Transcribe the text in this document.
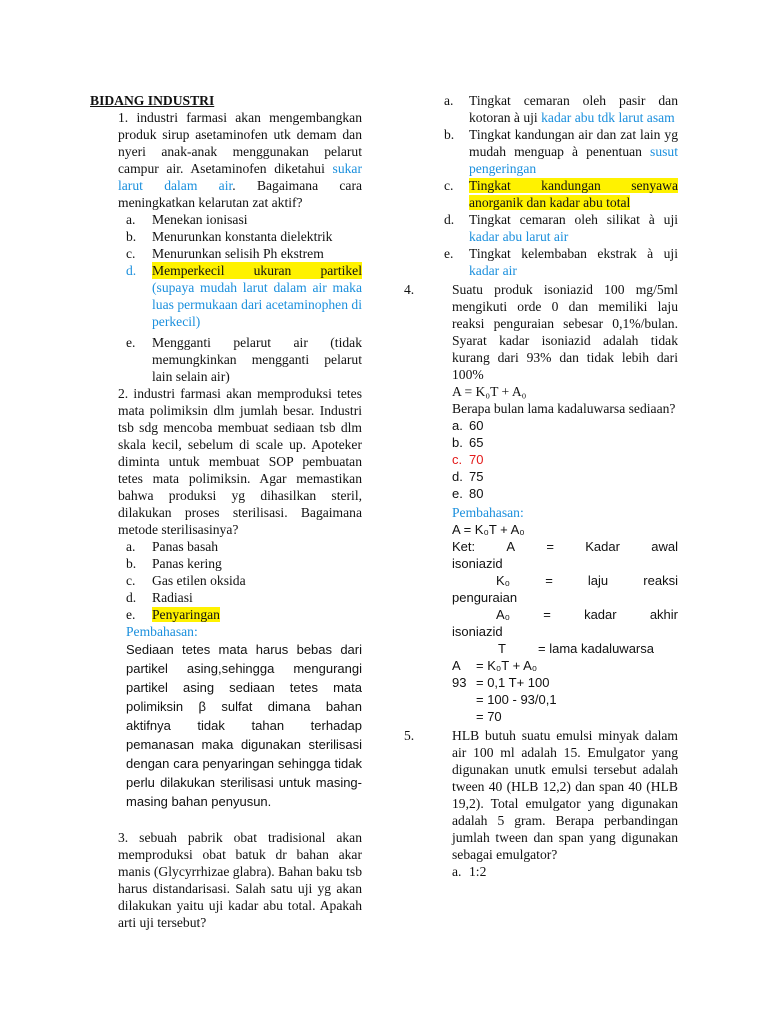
BIDANG INDUSTRI
1. industri farmasi akan mengembangkan produk sirup asetaminofen utk demam dan nyeri anak-anak menggunakan pelarut campur air. Asetaminofen diketahui sukar larut dalam air. Bagaimana cara meningkatkan kelarutan zat aktif?
a. Menekan ionisasi
b. Menurunkan konstanta dielektrik
c. Menurunkan selisih Ph ekstrem
d. Memperkecil ukuran partikel
(supaya mudah larut dalam air maka luas permukaan dari acetaminophen di perkecil)
e. Mengganti pelarut air (tidak memungkinkan mengganti pelarut lain selain air)
2. industri farmasi akan memproduksi tetes mata polimiksin dlm jumlah besar. Industri tsb sdg mencoba membuat sediaan tsb dlm skala kecil, sebelum di scale up. Apoteker diminta untuk membuat SOP pembuatan tetes mata polimiksin. Agar memastikan bahwa produksi yg dihasilkan steril, dilakukan proses sterilisasi. Bagaimana metode sterilisasinya?
a. Panas basah
b. Panas kering
c. Gas etilen oksida
d. Radiasi
e. Penyaringan
Pembahasan:
Sediaan tetes mata harus bebas dari partikel asing,sehingga mengurangi partikel asing sediaan tetes mata polimiksin β sulfat dimana bahan aktifnya tidak tahan terhadap pemanasan maka digunakan sterilisasi dengan cara penyaringan sehingga tidak perlu dilakukan sterilisasi untuk masing-masing bahan penyusun.
3. sebuah pabrik obat tradisional akan memproduksi obat batuk dr bahan akar manis (Glycyrrhizae glabra). Bahan baku tsb harus distandarisasi. Salah satu uji yg akan dilakukan yaitu uji kadar abu total. Apakah arti uji tersebut?
a. Tingkat cemaran oleh pasir dan kotoran à uji kadar abu tdk larut asam
b. Tingkat kandungan air dan zat lain yg mudah menguap à penentuan susut pengeringan
c. Tingkat kandungan senyawa anorganik dan kadar abu total
d. Tingkat cemaran oleh silikat à uji kadar abu larut air
e. Tingkat kelembaban ekstrak à uji kadar air
4.	Suatu produk isoniazid 100 mg/5ml mengikuti orde 0 dan memiliki laju reaksi penguraian sebesar 0,1%/bulan. Syarat kadar isoniazid adalah tidak kurang dari 93% dan tidak lebih dari 100%
A = K₀T + A₀
Berapa bulan lama kadaluwarsa sediaan?
a. 60
b. 65
c. 70
d. 75
e. 80
Pembahasan:
A = K₀T + A₀
Ket: A = Kadar awal
isoniazid
K₀	=	laju	reaksi
penguraian
A₀	=	kadar	akhir
isoniazid
T = lama kadaluwarsa
A = K₀T + A₀
93 = 0,1 T+ 100
= 100 - 93/0,1
= 70
5.	HLB butuh suatu emulsi minyak dalam air 100 ml adalah 15. Emulgator yang digunakan unutk emulsi tersebut adalah tween 40 (HLB 12,2) dan span 40 (HLB 19,2). Total emulgator yang digunakan adalah 5 gram. Berapa perbandingan jumlah tween dan span yang digunakan sebagai emulgator?
a. 1:2
